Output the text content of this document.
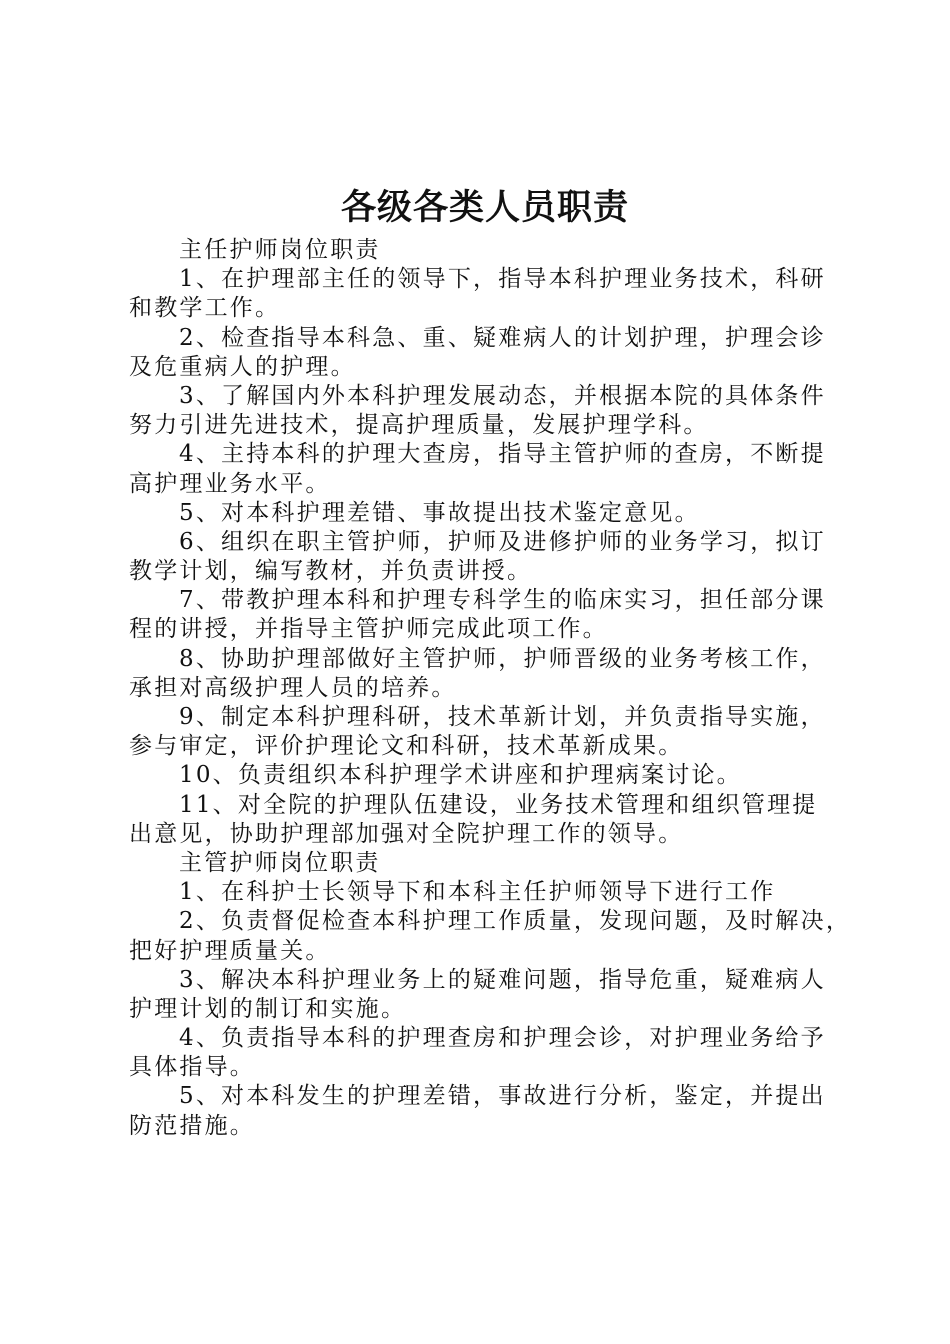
各级各类人员职责

主任护师岗位职责

1、在护理部主任的领导下，指导本科护理业务技术，科研

和教学工作。

2、检查指导本科急、重、疑难病人的计划护理，护理会诊

及危重病人的护理。

3、了解国内外本科护理发展动态，并根据本院的具体条件

努力引进先进技术，提高护理质量，发展护理学科。

4、主持本科的护理大查房，指导主管护师的查房，不断提

高护理业务水平。

5、对本科护理差错、事故提出技术鉴定意见。

6、组织在职主管护师，护师及进修护师的业务学习，拟订

教学计划，编写教材，并负责讲授。

7、带教护理本科和护理专科学生的临床实习，担任部分课

程的讲授，并指导主管护师完成此项工作。

8、协助护理部做好主管护师，护师晋级的业务考核工作，

承担对高级护理人员的培养。

9、制定本科护理科研，技术革新计划，并负责指导实施，

参与审定，评价护理论文和科研，技术革新成果。

10、负责组织本科护理学术讲座和护理病案讨论。

11、对全院的护理队伍建设，业务技术管理和组织管理提

出意见，协助护理部加强对全院护理工作的领导。

主管护师岗位职责

1、在科护士长领导下和本科主任护师领导下进行工作

2、负责督促检查本科护理工作质量，发现问题，及时解决，

把好护理质量关。

3、解决本科护理业务上的疑难问题，指导危重，疑难病人

护理计划的制订和实施。

4、负责指导本科的护理查房和护理会诊，对护理业务给予

具体指导。

5、对本科发生的护理差错，事故进行分析，鉴定，并提出

防范措施。
